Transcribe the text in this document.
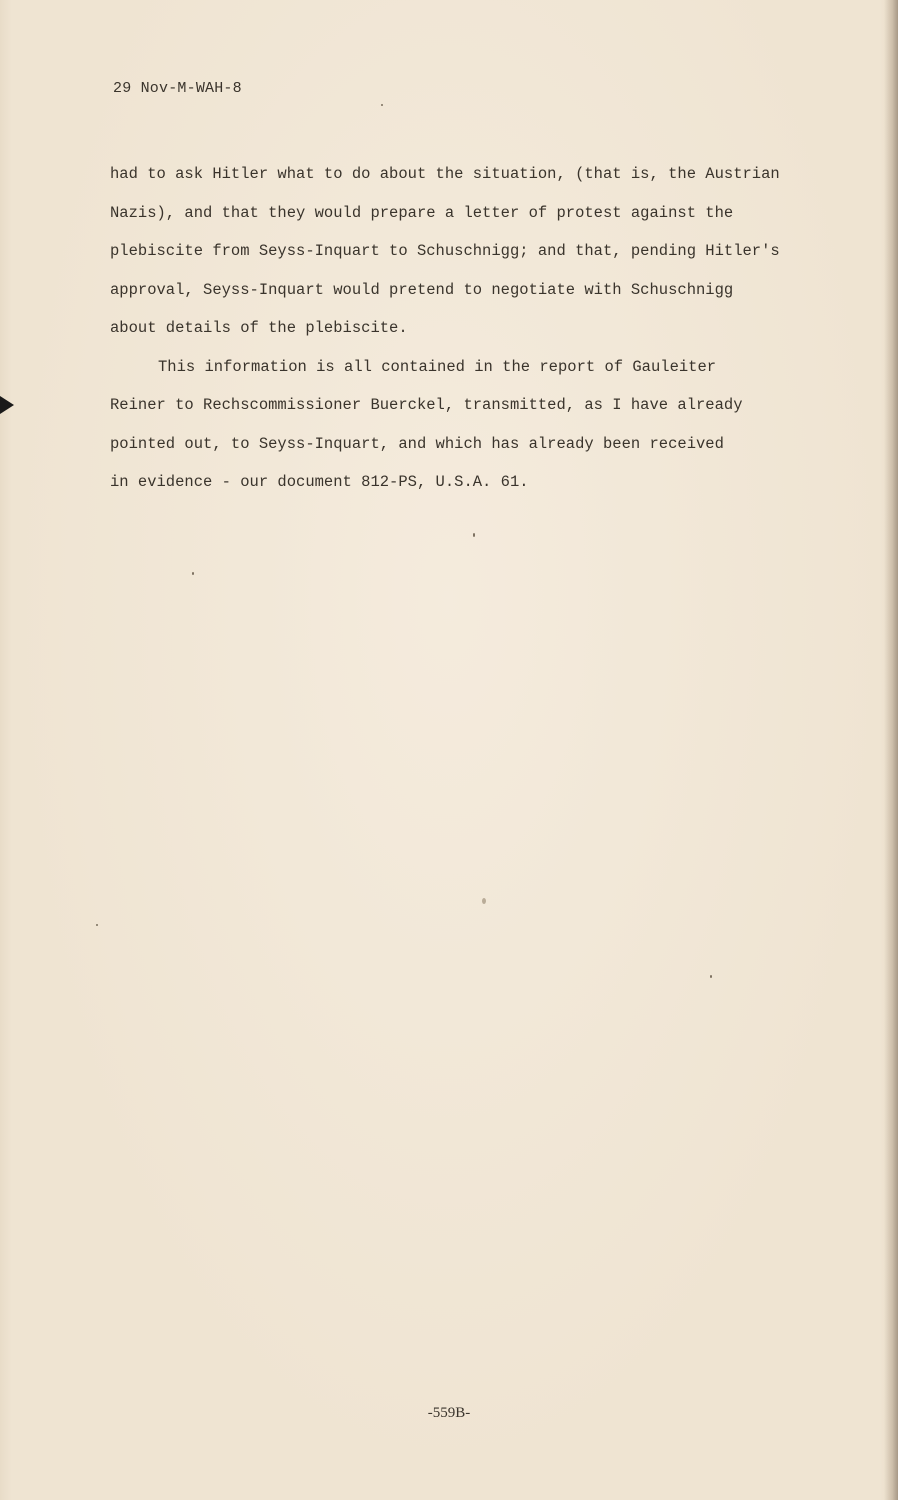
29 Nov-M-WAH-8
had to ask Hitler what to do about the situation, (that is, the Austrian
Nazis), and that they would prepare a letter of protest against the
plebiscite from Seyss-Inquart to Schuschnigg; and that, pending Hitler's
approval, Seyss-Inquart would pretend to negotiate with Schuschnigg
about details of the plebiscite.
This information is all contained in the report of Gauleiter
Reiner to Rechscommissioner Buerckel, transmitted, as I have already
pointed out, to Seyss-Inquart, and which has already been received
in evidence - our document 812-PS, U.S.A. 61.
-559B-
